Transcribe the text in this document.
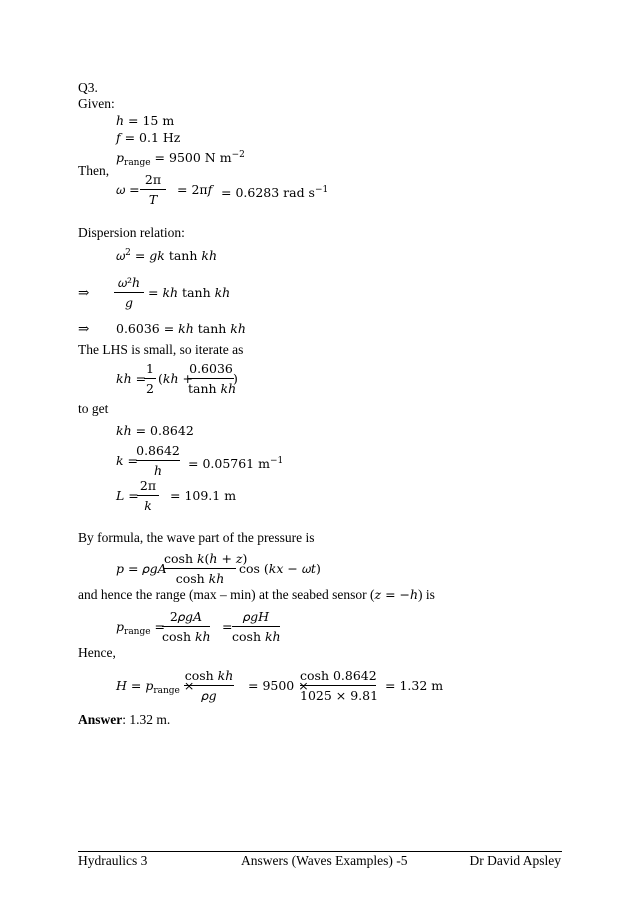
Q3.
Given:
ℎ = 15 m
𝑓 = 0.1 Hz
𝑝$_{range}$ = 9500 N $m^{-2}$
Then,
𝜔 =
2π
𝑇
= 2π𝑓 = 0.6283 rad $s^{-1}$
Dispersion relation:
𝜔$^2$ = 𝑔𝑘 tanh 𝑘ℎ
⇒
𝜔²ℎ
𝑔
= 𝑘ℎ tanh 𝑘ℎ
⇒ 0.6036 = 𝑘ℎ tanh 𝑘ℎ
The LHS is small, so iterate as
𝑘ℎ =
1
2
(𝑘ℎ +
0.6036
tanh 𝑘ℎ
)
to get
𝑘ℎ = 0.8642
𝑘 =
0.8642
ℎ	= 0.05761 $m^{-1}$
𝐿 =
2π
𝑘
= 109.1 m
By formula, the wave part of the pressure is
𝑝 = 𝜌𝑔𝐴
cosh 𝑘(ℎ + 𝑧)
cosh 𝑘ℎ
cos (𝑘𝑥 − 𝜔𝑡)
and hence the range (max – min) at the seabed sensor (𝑧 = −ℎ) is
𝑝$_{range}$ =
2𝜌𝑔𝐴
cosh 𝑘ℎ
=
𝜌𝑔𝐻
cosh 𝑘ℎ
Hence,
𝐻 = 𝑝$_{range}$ ×
cosh 𝑘ℎ
𝜌𝑔
= 9500 ×
cosh 0.8642
1025 × 9.81
= 1.32 m
Answer: 1.32 m.
Hydraulics 3	Answers (Waves Examples) -5	Dr David Apsley
